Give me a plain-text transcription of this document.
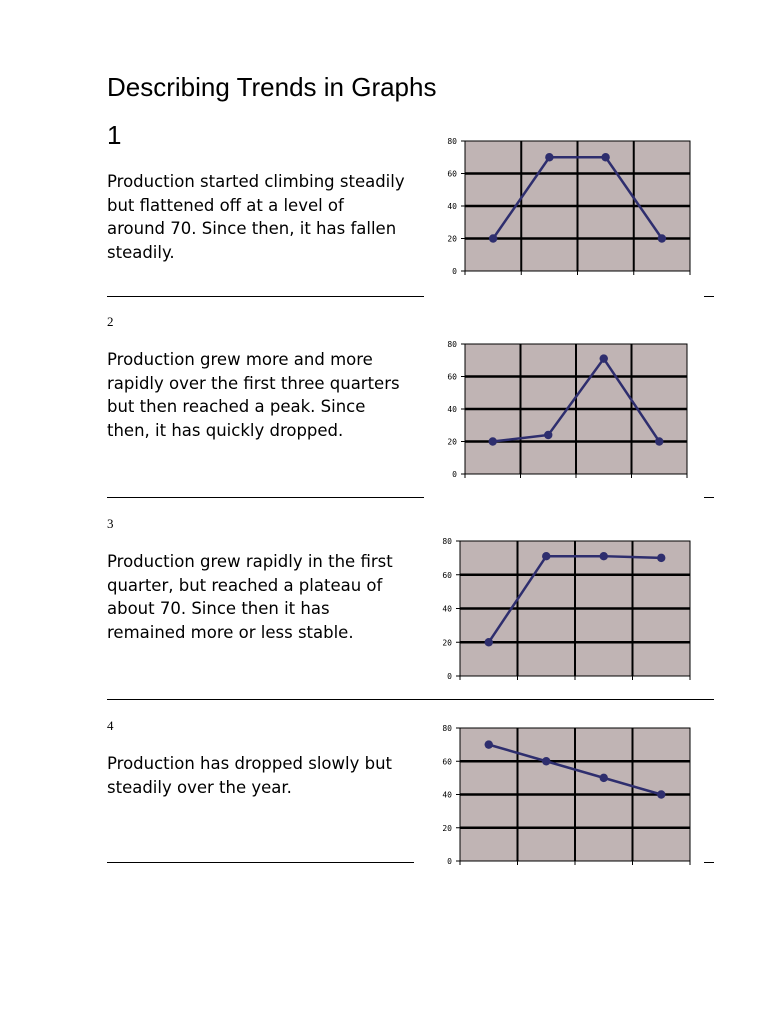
Describing Trends in Graphs
1

Production started climbing steadily but flattened off at a level of around 70. Since then, it has fallen steadily.

0
20
40
60
80
2

Production grew more and more rapidly over the first three quarters but then reached a peak. Since then, it has quickly dropped.

0
20
40
60
80
3

Production grew rapidly in the first quarter, but reached a plateau of about 70. Since then it has remained more or less stable.

0
20
40
60
80
4

Production has dropped slowly but steadily over the year.

0
20
40
60
80
